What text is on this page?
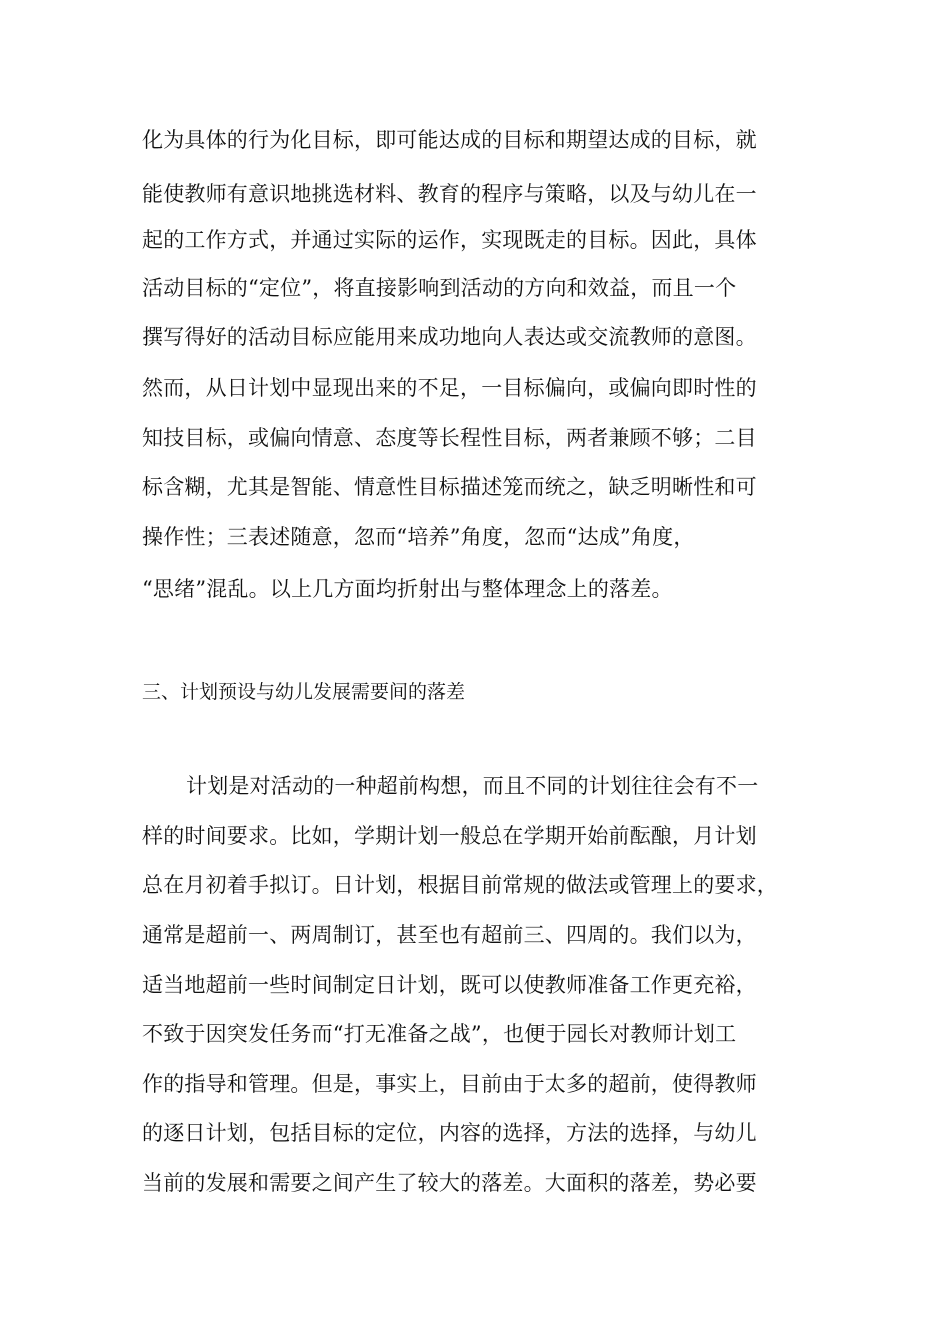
化为具体的行为化目标，即可能达成的目标和期望达成的目标，就
能使教师有意识地挑选材料、教育的程序与策略，以及与幼儿在一
起的工作方式，并通过实际的运作，实现既走的目标。因此，具体
活动目标的“定位”，将直接影响到活动的方向和效益，而且一个
撰写得好的活动目标应能用来成功地向人表达或交流教师的意图。
然而，从日计划中显现出来的不足，一目标偏向，或偏向即时性的
知技目标，或偏向情意、态度等长程性目标，两者兼顾不够；二目
标含糊，尤其是智能、情意性目标描述笼而统之，缺乏明晰性和可
操作性；三表述随意，忽而“培养”角度，忽而“达成”角度，
“思绪”混乱。以上几方面均折射出与整体理念上的落差。
三、计划预设与幼儿发展需要间的落差
计划是对活动的一种超前构想，而且不同的计划往往会有不一
样的时间要求。比如，学期计划一般总在学期开始前酝酿，月计划
总在月初着手拟订。日计划，根据目前常规的做法或管理上的要求，
通常是超前一、两周制订，甚至也有超前三、四周的。我们以为，
适当地超前一些时间制定日计划，既可以使教师准备工作更充裕，
不致于因突发任务而“打无准备之战”，也便于园长对教师计划工
作的指导和管理。但是，事实上，目前由于太多的超前，使得教师
的逐日计划，包括目标的定位，内容的选择，方法的选择，与幼儿
当前的发展和需要之间产生了较大的落差。大面积的落差，势必要
